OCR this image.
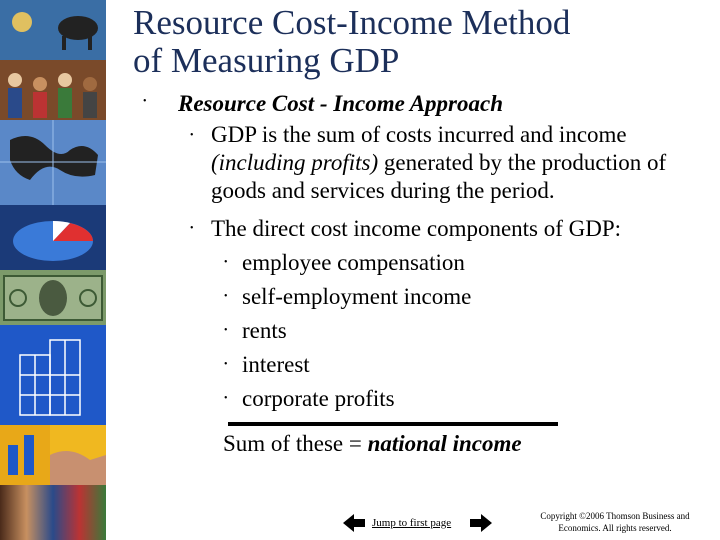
Resource Cost-Income Method
of Measuring GDP
• Resource Cost - Income Approach
• GDP is the sum of costs incurred and income (including profits) generated by the production of goods and services during the period.
• The direct cost income components of GDP:
• employee compensation
• self-employment income
• rents
• interest
• corporate profits
Sum of these = national income
Jump to first page
Copyright ©2006 Thomson Business and
Economics. All rights reserved.
